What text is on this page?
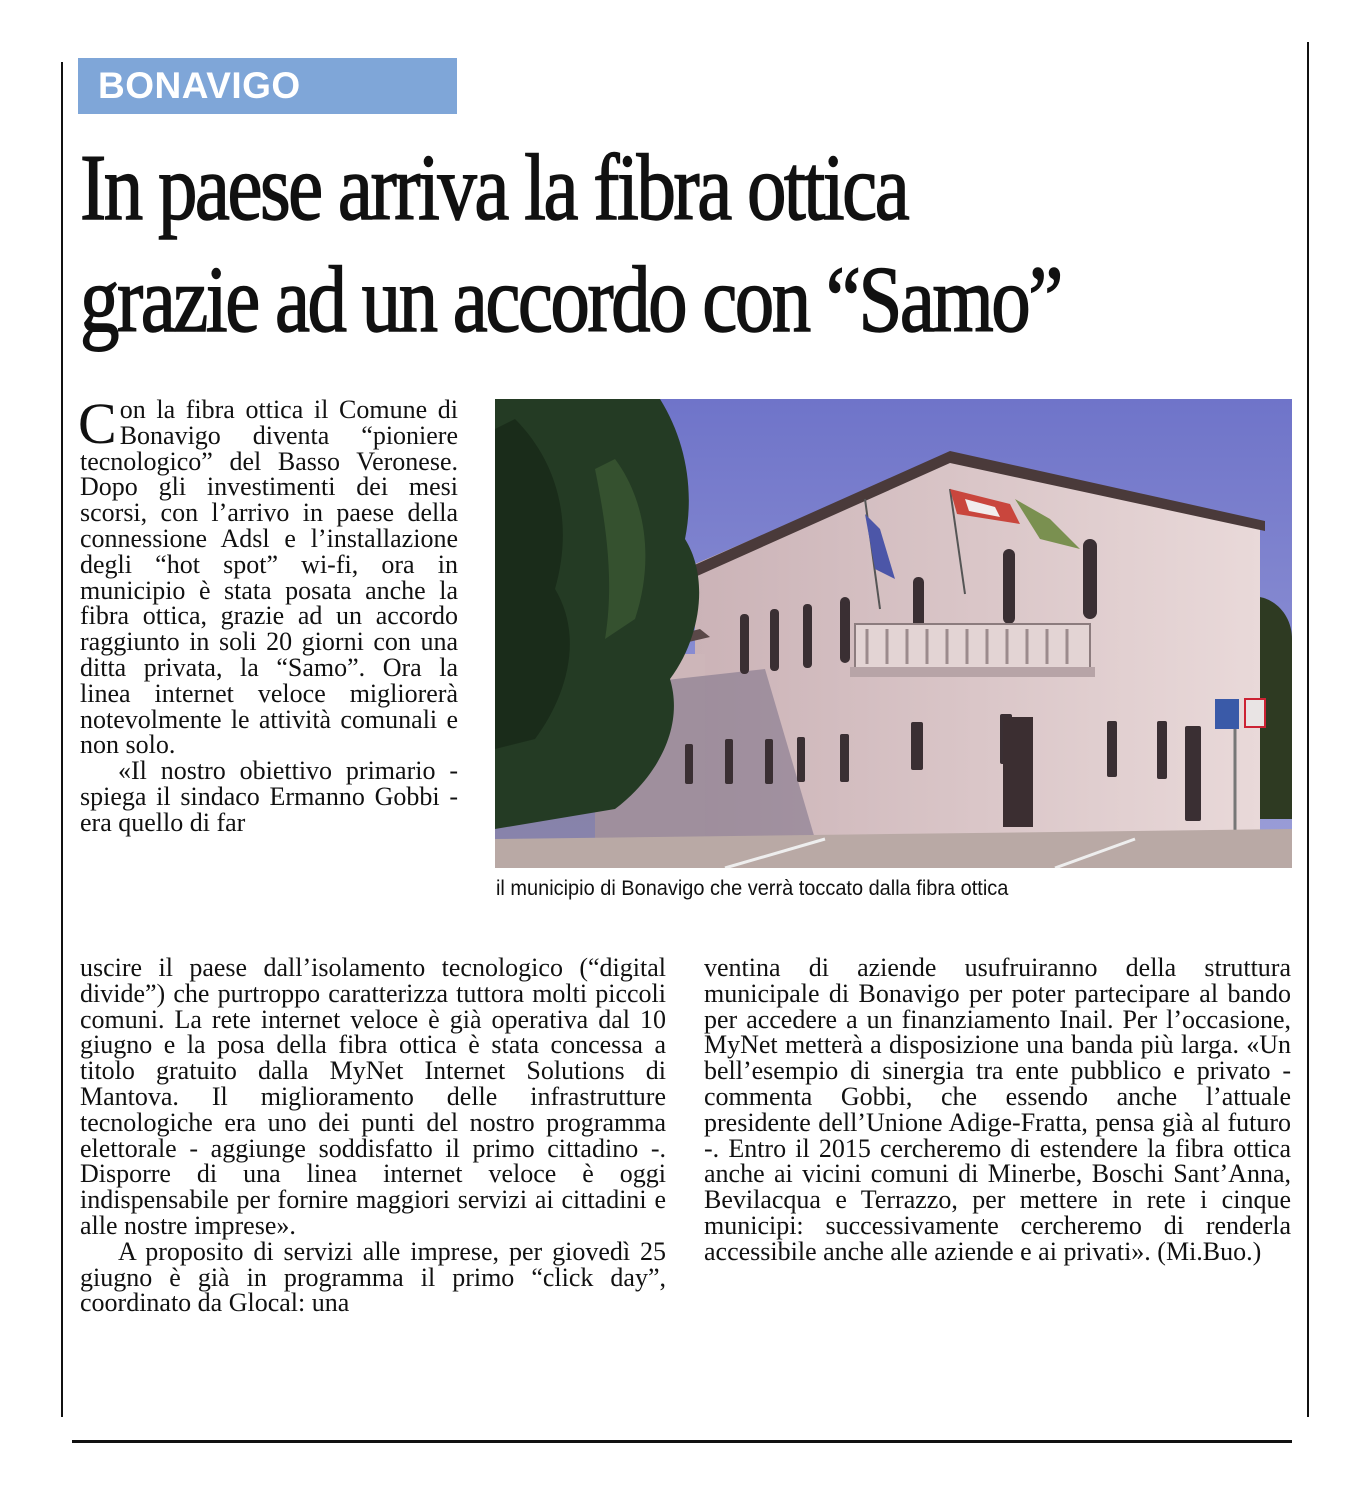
BONAVIGO
In paese arriva la fibra ottica
grazie ad un accordo con “Samo”

Con la fibra ottica il Comune di Bonavigo diventa “pioniere tecnologico” del Basso Veronese. Dopo gli investimenti dei mesi scorsi, con l’arrivo in paese della connessione Adsl e l’installazione degli “hot spot” wi-fi, ora in municipio è stata posata anche la fibra ottica, grazie ad un accordo raggiunto in soli 20 giorni con una ditta privata, la “Samo”. Ora la linea internet veloce migliorerà notevolmente le attività comunali e non solo.

«Il nostro obiettivo primario - spiega il sindaco Ermanno Gobbi - era quello di far

il municipio di Bonavigo che verrà toccato dalla fibra ottica

uscire il paese dall’isolamento tecnologico (“digital divide”) che purtroppo caratterizza tuttora molti piccoli comuni. La rete internet veloce è già operativa dal 10 giugno e la posa della fibra ottica è stata concessa a titolo gratuito dalla MyNet Internet Solutions di Mantova. Il miglioramento delle infrastrutture tecnologiche era uno dei punti del nostro programma elettorale - aggiunge soddisfatto il primo cittadino -. Disporre di una linea internet veloce è oggi indispensabile per fornire maggiori servizi ai cittadini e alle nostre imprese».

A proposito di servizi alle imprese, per giovedì 25 giugno è già in programma il primo “click day”, coordinato da Glocal: una

ventina di aziende usufruiranno della struttura municipale di Bonavigo per poter partecipare al bando per accedere a un finanziamento Inail. Per l’occasione, MyNet metterà a disposizione una banda più larga. «Un bell’esempio di sinergia tra ente pubblico e privato - commenta Gobbi, che essendo anche l’attuale presidente dell’Unione Adige-Fratta, pensa già al futuro -. Entro il 2015 cercheremo di estendere la fibra ottica anche ai vicini comuni di Minerbe, Boschi Sant’Anna, Bevilacqua e Terrazzo, per mettere in rete i cinque municipi: successivamente cercheremo di renderla accessibile anche alle aziende e ai privati». (Mi.Buo.)
